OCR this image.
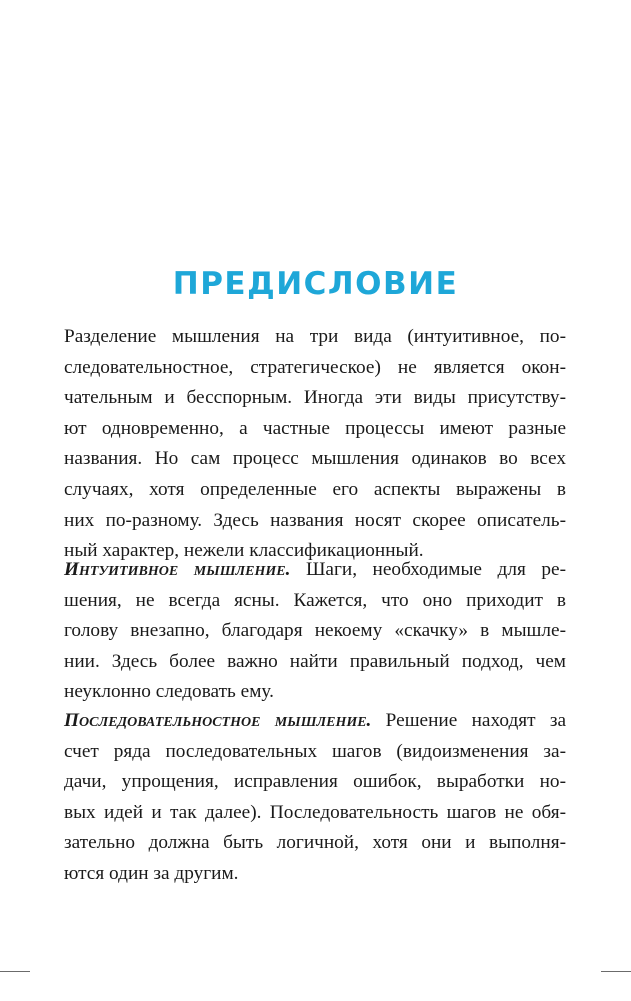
ПРЕДИСЛОВИЕ
Разделение мышления на три вида (интуитивное, по-
следовательностное, стратегическое) не является окон-
чательным и бесспорным. Иногда эти виды присутству-
ют одновременно, а частные процессы имеют разные
названия. Но сам процесс мышления одинаков во всех
случаях, хотя определенные его аспекты выражены в
них по-разному. Здесь названия носят скорее описатель-
ный характер, нежели классификационный.
Интуитивное мышление. Шаги, необходимые для ре-
шения, не всегда ясны. Кажется, что оно приходит в
голову внезапно, благодаря некоему «скачку» в мышле-
нии. Здесь более важно найти правильный подход, чем
неуклонно следовать ему.
Последовательностное мышление. Решение находят за
счет ряда последовательных шагов (видоизменения за-
дачи, упрощения, исправления ошибок, выработки но-
вых идей и так далее). Последовательность шагов не обя-
зательно должна быть логичной, хотя они и выполня-
ются один за другим.
